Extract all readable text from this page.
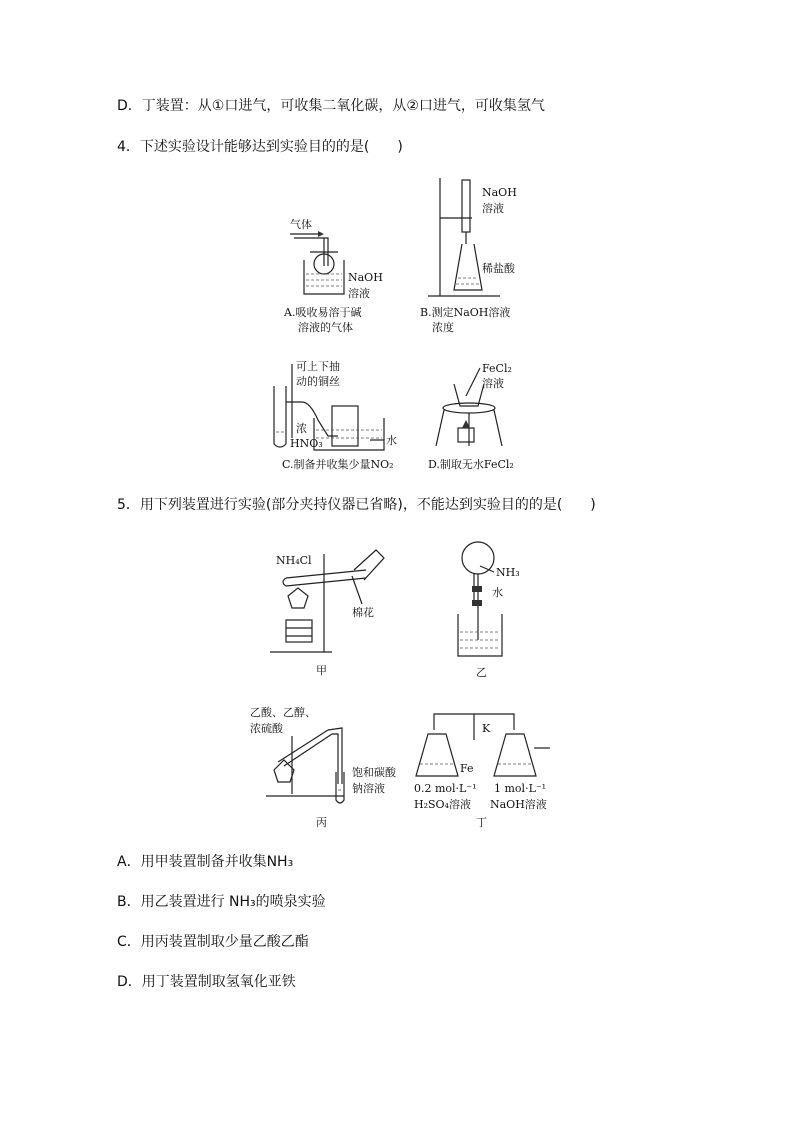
D．丁装置：从①口进气，可收集二氧化碳，从②口进气，可收集氢气
4．下述实验设计能够达到实验目的的是(　　)
气体
NaOH
溶液
A.吸收易溶于碱
溶液的气体
NaOH
溶液
稀盐酸
B.测定NaOH溶液
浓度
可上下抽
动的铜丝
浓
HNO₃	水
C.制备并收集少量NO₂
FeCl₂
溶液
D.制取无水FeCl₂
5．用下列装置进行实验(部分夹持仪器已省略)，不能达到实验目的的是(　　)
NH₄Cl
棉花
甲
NH₃
水
乙
乙酸、乙醇、
浓硫酸
饱和碳酸
钠溶液
丙
K
Fe
0.2 mol·L⁻¹
H₂SO₄溶液
1 mol·L⁻¹
NaOH溶液
丁
A．用甲装置制备并收集NH₃
B．用乙装置进行 NH₃的喷泉实验
C．用丙装置制取少量乙酸乙酯
D．用丁装置制取氢氧化亚铁
